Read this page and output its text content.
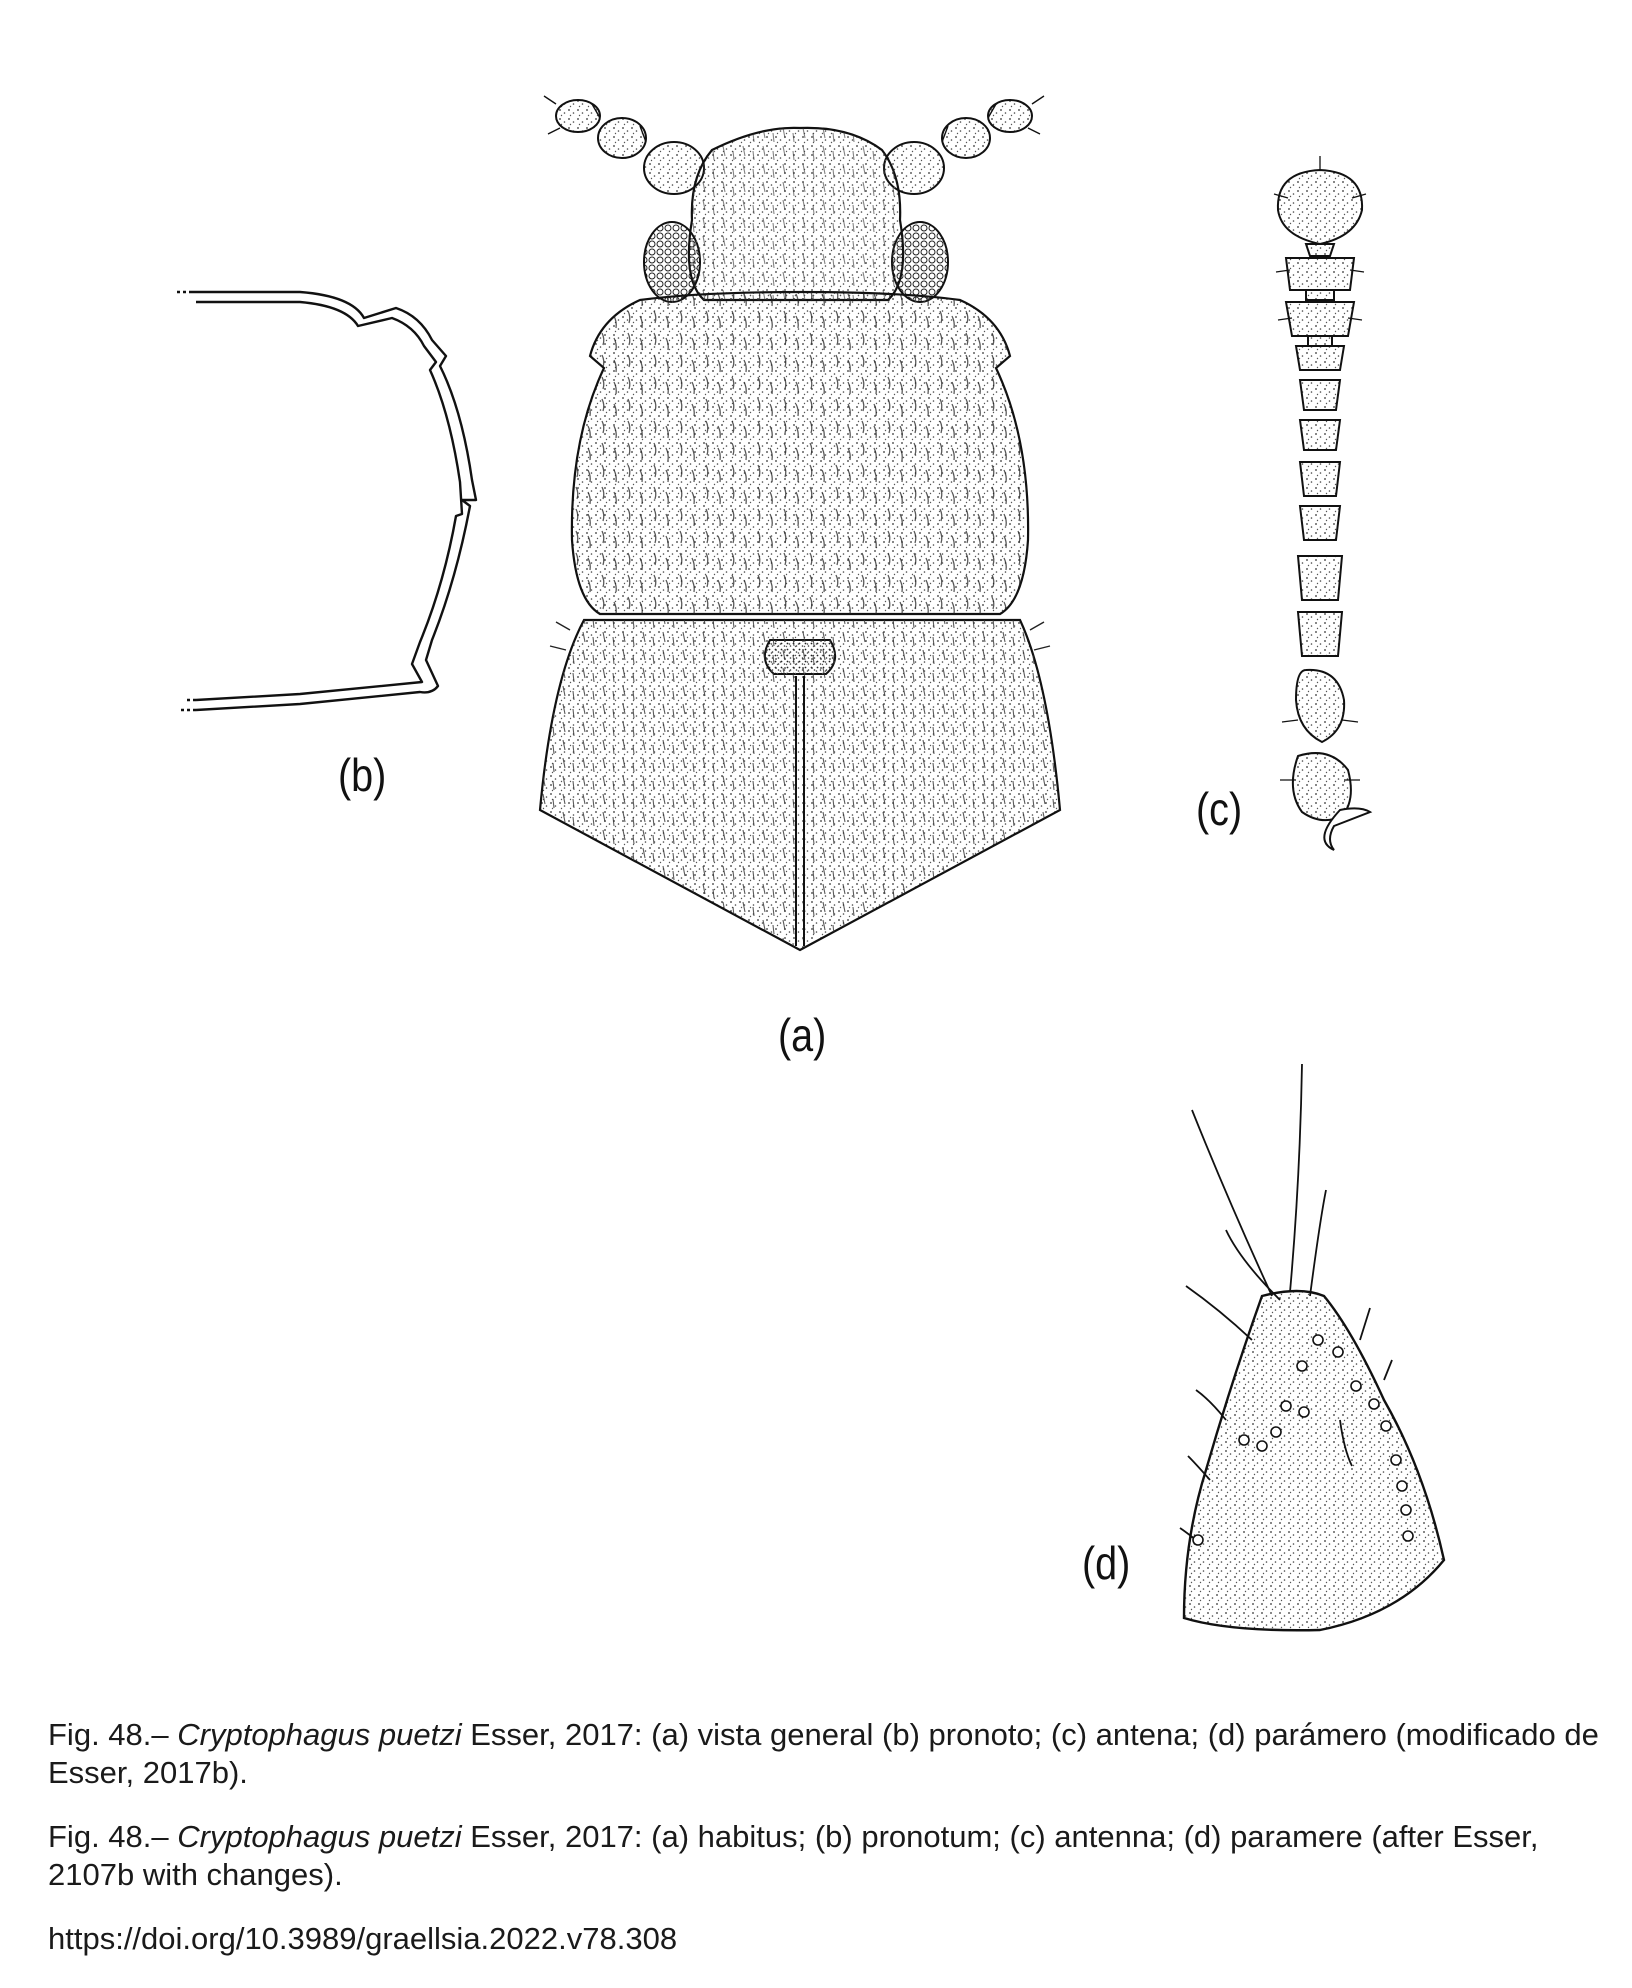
(b)
(a)
(c)
(d)
Fig. 48.– Cryptophagus puetzi Esser, 2017: (a) vista general (b) pronoto; (c) antena; (d) parámero (modificado de Esser, 2017b).
Fig. 48.– Cryptophagus puetzi Esser, 2017: (a) habitus; (b) pronotum; (c) antenna; (d) paramere (after Esser, 2107b with changes).
https://doi.org/10.3989/graellsia.2022.v78.308
